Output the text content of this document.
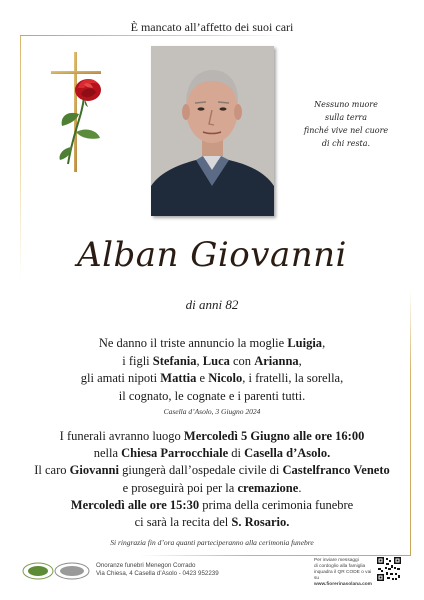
È mancato all’affetto dei suoi cari
Nessuno muore
sulla terra
finché vive nel cuore
di chi resta.
Alban Giovanni
di anni 82
Ne danno il triste annuncio la moglie Luigia,
i figli Stefania, Luca con Arianna,
gli amati nipoti Mattia e Nicolo, i fratelli, la sorella,
il cognato, le cognate e i parenti tutti.
Casella d’Asolo, 3 Giugno 2024
I funerali avranno luogo Mercoledì 5 Giugno alle ore 16:00
nella Chiesa Parrocchiale di Casella d’Asolo.
Il caro Giovanni giungerà dall’ospedale civile di Castelfranco Veneto
e proseguirà poi per la cremazione.
Mercoledì alle ore 15:30 prima della cerimonia funebre
ci sarà la recita del S. Rosario.
Si ringrazia fin d’ora quanti parteciperanno alla cerimonia funebre
Onoranze funebri Menegon Corrado
Via Chiesa, 4 Casella d’Asolo - 0423 952239
Per inviare messaggi
di cordoglio alla famiglia
inquadra il QR CODE o vai su
www.fiorerinasolana.com
